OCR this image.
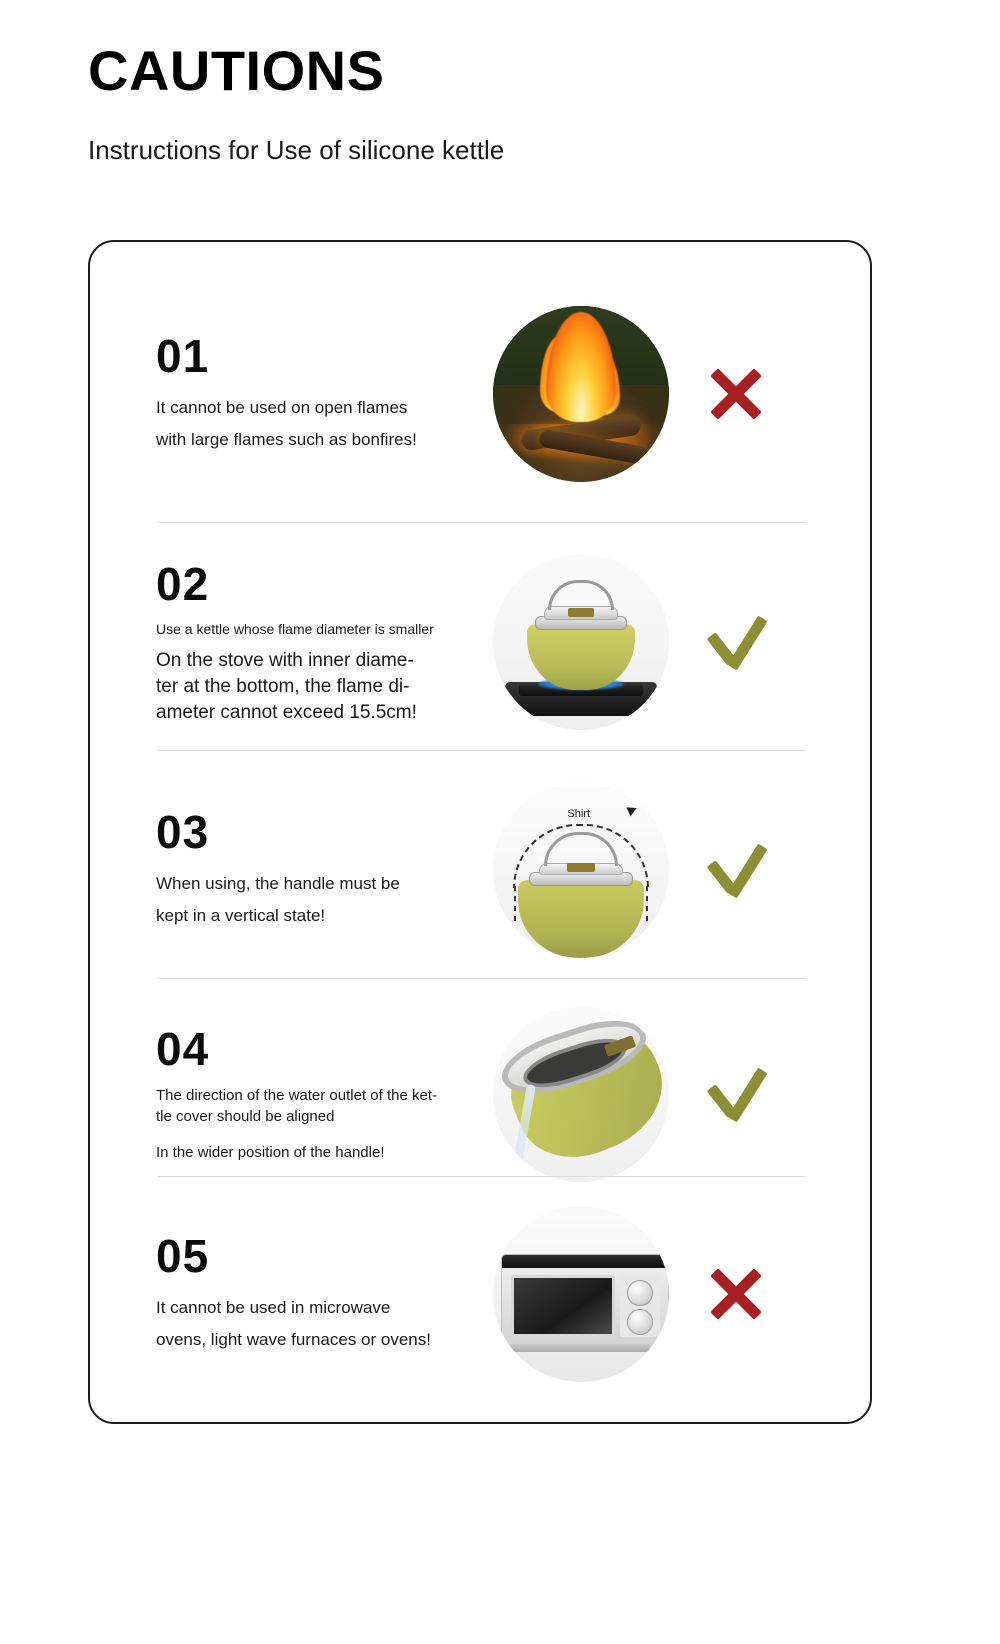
CAUTIONS
Instructions for Use of silicone kettle
01
It cannot be used on open flames
with large flames such as bonfires!
02
Use a kettle whose flame diameter is smaller
On the stove with inner diame-
ter at the bottom, the flame di-
ameter cannot exceed 15.5cm!
03
When using, the handle must be
kept in a vertical state!
Shirt
04
The direction of the water outlet of the ket-
tle cover should be aligned
In the wider position of the handle!
05
It cannot be used in microwave
ovens, light wave furnaces or ovens!
